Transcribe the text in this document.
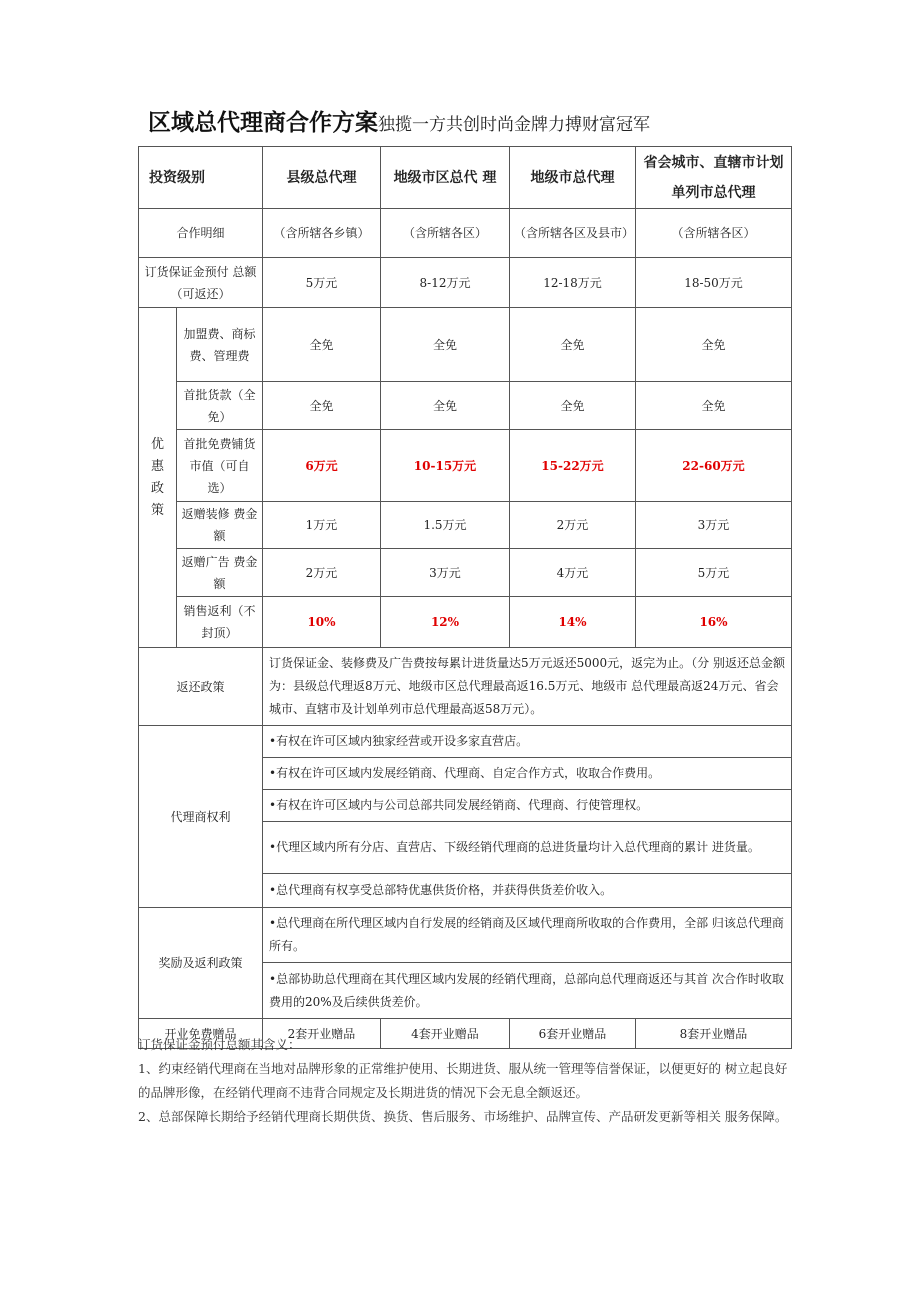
区域总代理商合作方案独揽一方共创时尚金牌力搏财富冠军
投资级别		县级总代理	地级市区总代 理	地级市总代理	省会城市、直辖市计划单列市总代理
合作明细		（含所辖各乡镇）	（含所辖各区）	（含所辖各区及县市）	（含所辖各区）
订货保证金预付 总额（可返还）		5万元	8-12万元	12-18万元	18-50万元
优 惠 政 策	加盟费、商标费、管理费	全免	全免	全免	全免
	首批货款（全免）	全免	全免	全免	全免
	首批免费铺货市值（可自选）	6万元	10-15万元	15-22万元	22-60万元
	返赠装修 费金额	1万元	1.5万元	2万元	3万元
	返赠广告 费金额	2万元	3万元	4万元	5万元
	销售返利（不封顶）	10%	12%	14%	16%
返还政策		订货保证金、装修费及广告费按每累计进货量达5万元返还5000元，返完为止。（分 别返还总金额为：县级总代理返8万元、地级市区总代理最高返16.5万元、地级市 总代理最高返24万元、省会城市、直辖市及计划单列市总代理最高返58万元）。			
代理商权利		•有权在许可区域内独家经营或开设多家直营店。			
		•有权在许可区域内发展经销商、代理商、自定合作方式，收取合作费用。			
		•有权在许可区域内与公司总部共同发展经销商、代理商、行使管理权。			
		•代理区域内所有分店、直营店、下级经销代理商的总进货量均计入总代理商的累计 进货量。			
		•总代理商有权享受总部特优惠供货价格，并获得供货差价收入。			
奖励及返利政策		•总代理商在所代理区域内自行发展的经销商及区域代理商所收取的合作费用，全部 归该总代理商所有。			
		•总部协助总代理商在其代理区域内发展的经销代理商，总部向总代理商返还与其首 次合作时收取费用的20%及后续供货差价。			
开业免费赠品		2套开业赠品	4套开业赠品	6套开业赠品	8套开业赠品

订货保证金预付总额其含义：

1、约束经销代理商在当地对品牌形象的正常维护使用、长期进货、服从统一管理等信誉保证，以便更好的 树立起良好的品牌形像，在经销代理商不违背合同规定及长期进货的情况下会无息全额返还。

2、总部保障长期给予经销代理商长期供货、换货、售后服务、市场维护、品牌宣传、产品研发更新等相关 服务保障。
